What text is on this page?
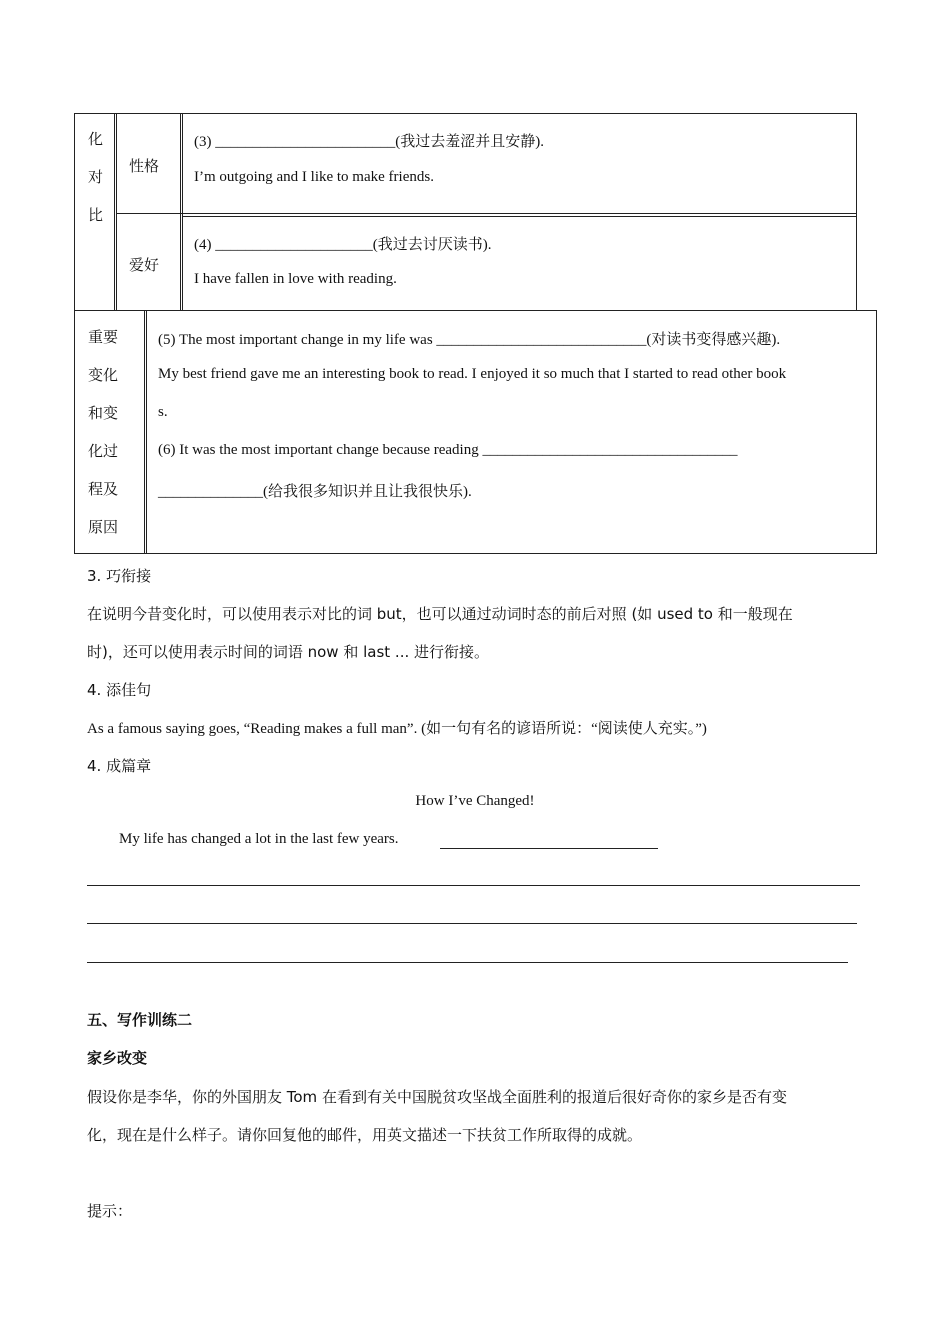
化
对
比
性格
(3) ________________________(我过去羞涩并且安静).
I’m outgoing and I like to make friends.
爱好
(4) _____________________(我过去讨厌读书).
I have fallen in love with reading.
重要
变化
和变
化过
程及
原因
(5) The most important change in my life was ____________________________(对读书变得感兴趣).
My best friend gave me an interesting book to read. I enjoyed it so much that I started to read other book
s.
(6) It was the most important change because reading __________________________________
______________(给我很多知识并且让我很快乐).
3. 巧衔接
在说明今昔变化时，可以使用表示对比的词 but，也可以通过动词时态的前后对照 (如 used to 和一般现在
时)，还可以使用表示时间的词语 now 和 last ... 进行衔接。
4. 添佳句
As a famous saying goes, “Reading makes a full man”. (如一句有名的谚语所说：“阅读使人充实。”)
4. 成篇章
How I’ve Changed!
My life has changed a lot in the last few years.
五、写作训练二
家乡改变
假设你是李华，你的外国朋友 Tom 在看到有关中国脱贫攻坚战全面胜利的报道后很好奇你的家乡是否有变
化，现在是什么样子。请你回复他的邮件，用英文描述一下扶贫工作所取得的成就。
提示：
